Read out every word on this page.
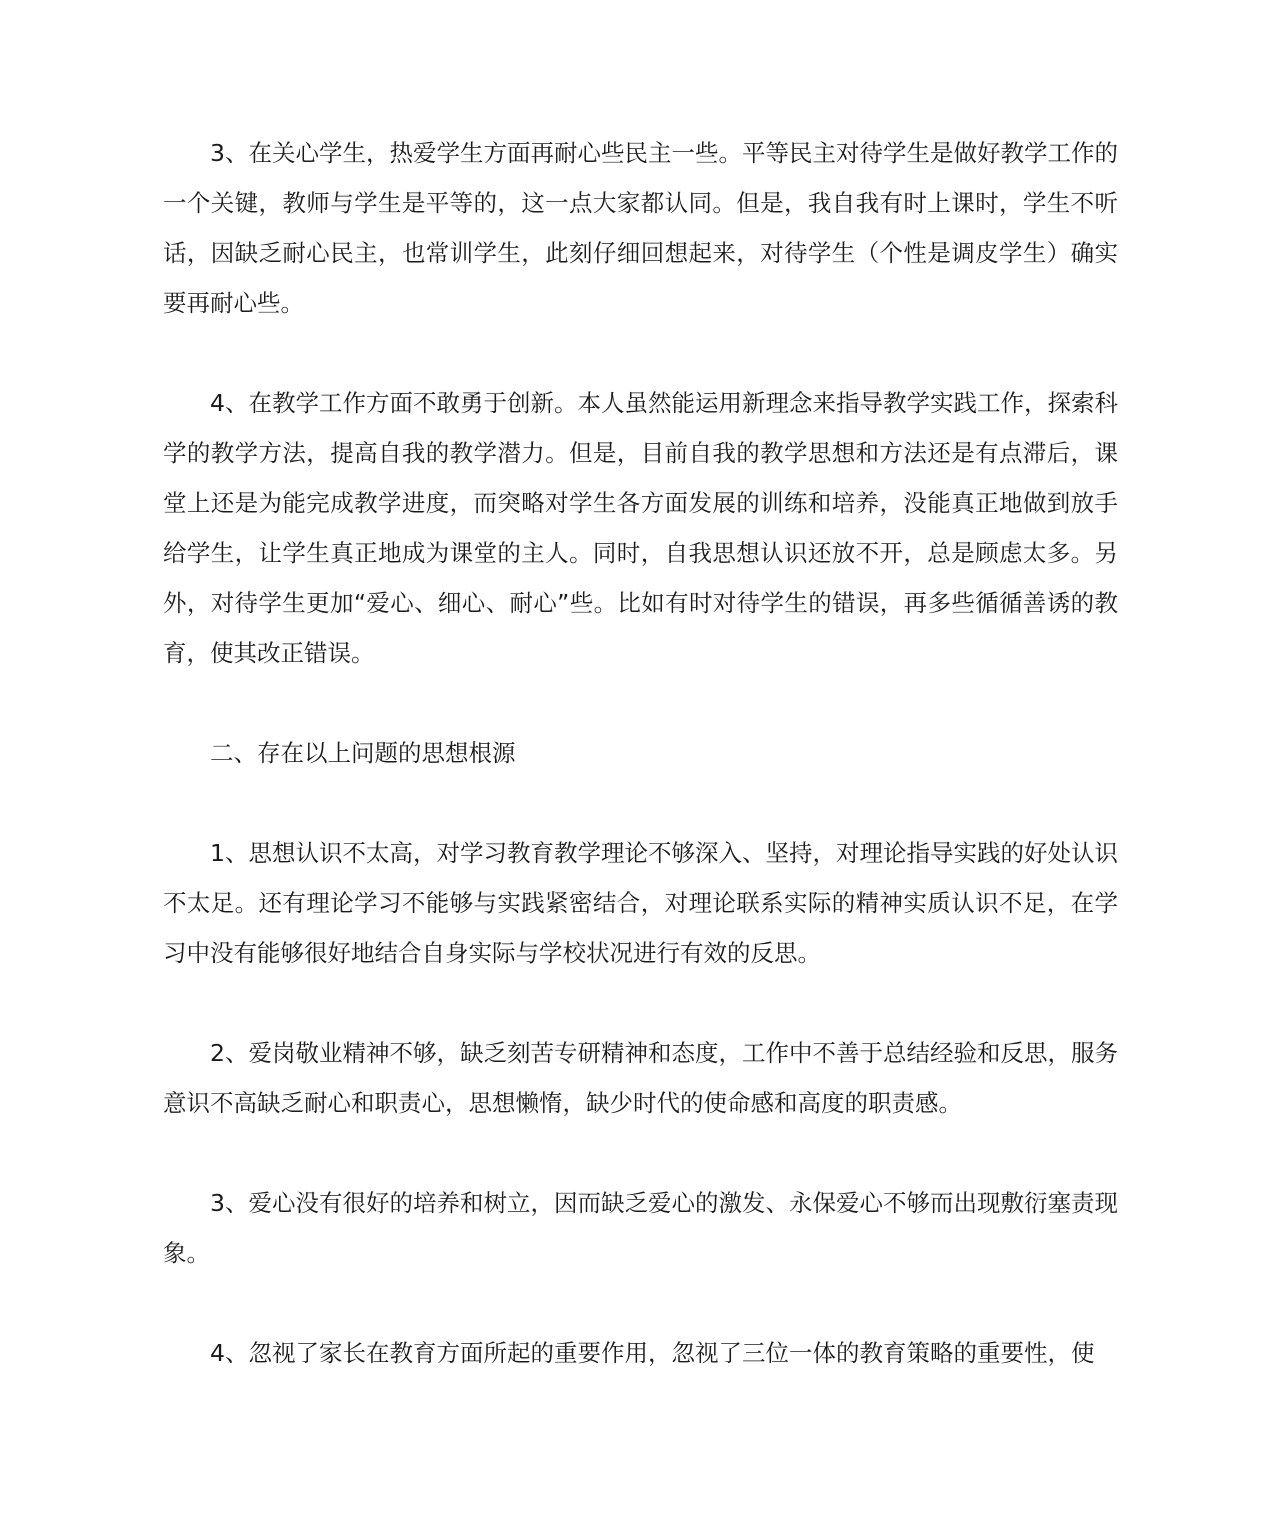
3、在关心学生，热爱学生方面再耐心些民主一些。平等民主对待学生是做好教学工作的一个关键，教师与学生是平等的，这一点大家都认同。但是，我自我有时上课时，学生不听话，因缺乏耐心民主，也常训学生，此刻仔细回想起来，对待学生（个性是调皮学生）确实要再耐心些。

4、在教学工作方面不敢勇于创新。本人虽然能运用新理念来指导教学实践工作，探索科学的教学方法，提高自我的教学潜力。但是，目前自我的教学思想和方法还是有点滞后，课堂上还是为能完成教学进度，而突略对学生各方面发展的训练和培养，没能真正地做到放手给学生，让学生真正地成为课堂的主人。同时，自我思想认识还放不开，总是顾虑太多。另外，对待学生更加“爱心、细心、耐心”些。比如有时对待学生的错误，再多些循循善诱的教育，使其改正错误。

二、存在以上问题的思想根源

1、思想认识不太高，对学习教育教学理论不够深入、坚持，对理论指导实践的好处认识不太足。还有理论学习不能够与实践紧密结合，对理论联系实际的精神实质认识不足，在学习中没有能够很好地结合自身实际与学校状况进行有效的反思。

2、爱岗敬业精神不够，缺乏刻苦专研精神和态度，工作中不善于总结经验和反思，服务意识不高缺乏耐心和职责心，思想懒惰，缺少时代的使命感和高度的职责感。

3、爱心没有很好的培养和树立，因而缺乏爱心的激发、永保爱心不够而出现敷衍塞责现象。

4、忽视了家长在教育方面所起的重要作用，忽视了三位一体的教育策略的重要性，使
